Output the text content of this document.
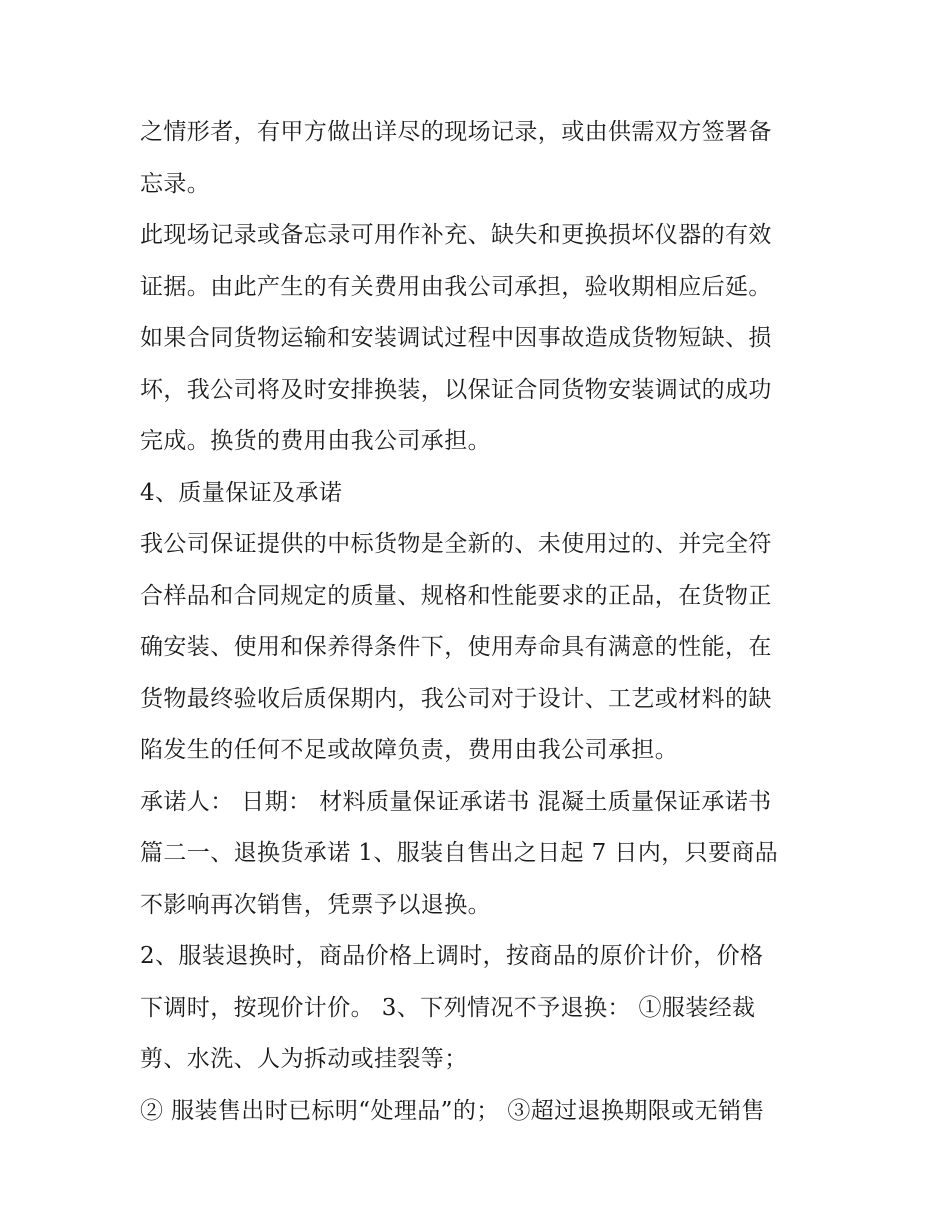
之情形者，有甲方做出详尽的现场记录，或由供需双方签署备
忘录。
此现场记录或备忘录可用作补充、缺失和更换损坏仪器的有效
证据。由此产生的有关费用由我公司承担，验收期相应后延。
如果合同货物运输和安装调试过程中因事故造成货物短缺、损
坏，我公司将及时安排换装，以保证合同货物安装调试的成功
完成。换货的费用由我公司承担。
4、质量保证及承诺
我公司保证提供的中标货物是全新的、未使用过的、并完全符
合样品和合同规定的质量、规格和性能要求的正品，在货物正
确安装、使用和保养得条件下，使用寿命具有满意的性能，在
货物最终验收后质保期内，我公司对于设计、工艺或材料的缺
陷发生的任何不足或故障负责，费用由我公司承担。
承诺人： 日期： 材料质量保证承诺书 混凝土质量保证承诺书
篇二一、退换货承诺 1、服装自售出之日起 7 日内，只要商品
不影响再次销售，凭票予以退换。
2、服装退换时，商品价格上调时，按商品的原价计价，价格
下调时，按现价计价。 3、下列情况不予退换： ①服装经裁
剪、水洗、人为拆动或挂裂等；
② 服装售出时已标明“处理品”的； ③超过退换期限或无销售
